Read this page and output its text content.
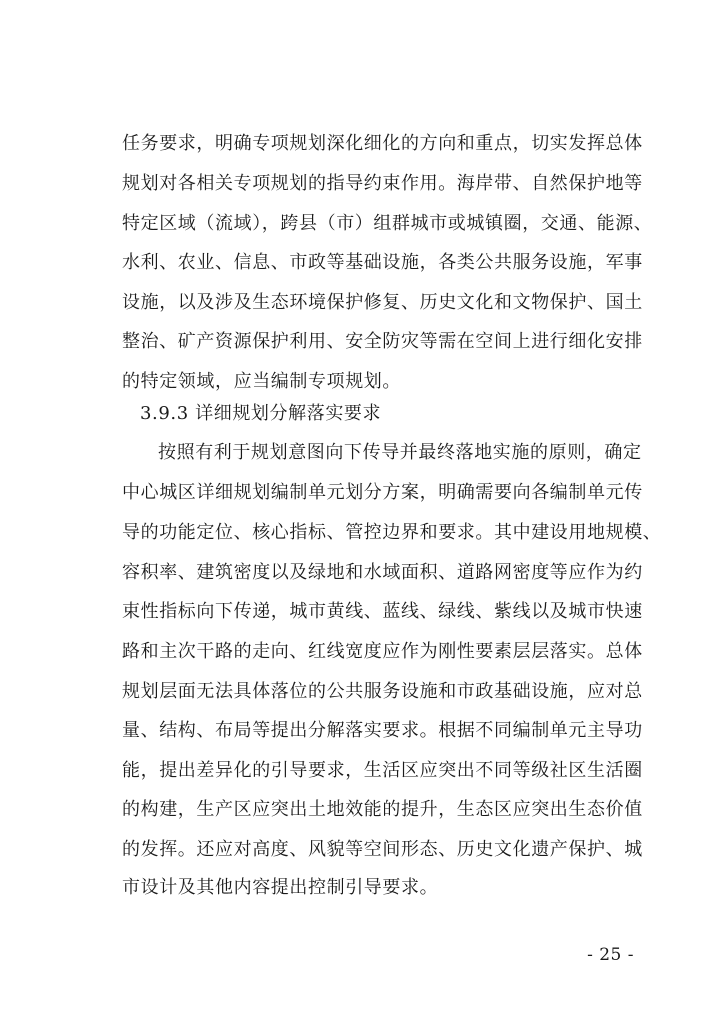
任务要求，明确专项规划深化细化的方向和重点，切实发挥总体
规划对各相关专项规划的指导约束作用。海岸带、自然保护地等
特定区域（流域），跨县（市）组群城市或城镇圈，交通、能源、
水利、农业、信息、市政等基础设施，各类公共服务设施，军事
设施，以及涉及生态环境保护修复、历史文化和文物保护、国土
整治、矿产资源保护利用、安全防灾等需在空间上进行细化安排
的特定领域，应当编制专项规划。
3.9.3 详细规划分解落实要求
按照有利于规划意图向下传导并最终落地实施的原则，确定
中心城区详细规划编制单元划分方案，明确需要向各编制单元传
导的功能定位、核心指标、管控边界和要求。其中建设用地规模、
容积率、建筑密度以及绿地和水域面积、道路网密度等应作为约
束性指标向下传递，城市黄线、蓝线、绿线、紫线以及城市快速
路和主次干路的走向、红线宽度应作为刚性要素层层落实。总体
规划层面无法具体落位的公共服务设施和市政基础设施，应对总
量、结构、布局等提出分解落实要求。根据不同编制单元主导功
能，提出差异化的引导要求，生活区应突出不同等级社区生活圈
的构建，生产区应突出土地效能的提升，生态区应突出生态价值
的发挥。还应对高度、风貌等空间形态、历史文化遗产保护、城
市设计及其他内容提出控制引导要求。
- 25 -
